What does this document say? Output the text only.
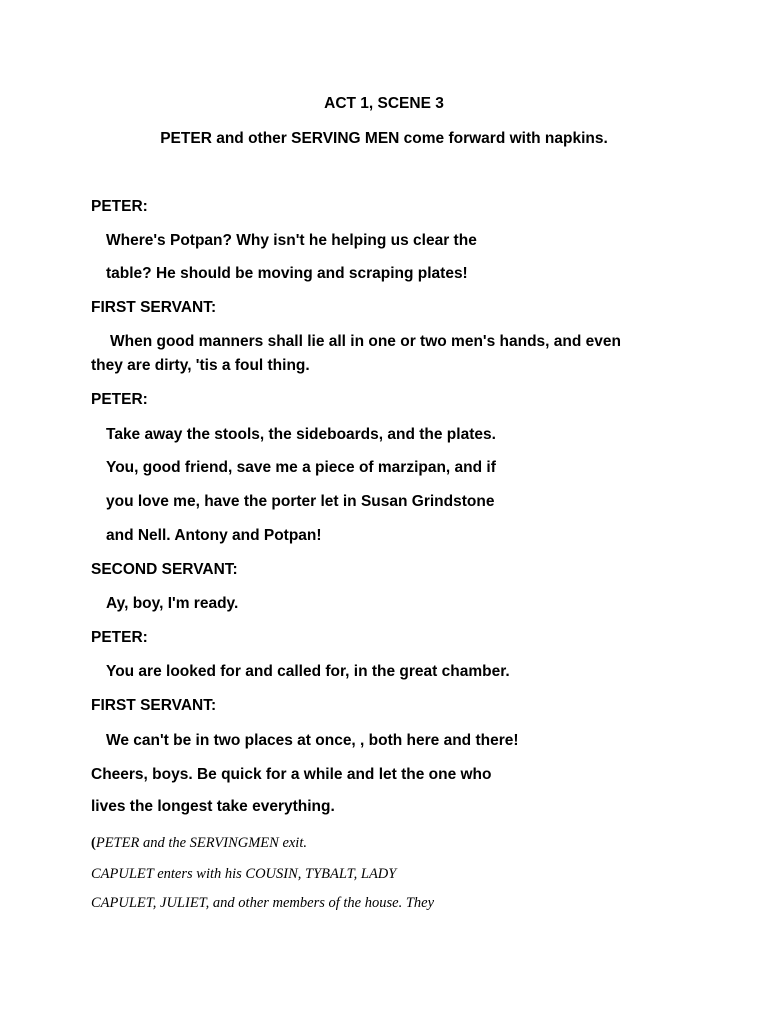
ACT 1, SCENE 3
PETER and other SERVING MEN come forward with napkins.
PETER:
Where's Potpan? Why isn't he helping us clear the
table? He should be moving and scraping plates!
FIRST SERVANT:
When good manners shall lie all in one or two men's hands, and even
they are dirty, 'tis a foul thing.
PETER:
Take away the stools, the sideboards, and the plates.
You, good friend, save me a piece of marzipan, and if
you love me, have the porter let in Susan Grindstone
and Nell. Antony and Potpan!
SECOND SERVANT:
Ay, boy, I'm ready.
PETER:
You are looked for and called for, in the great chamber.
FIRST SERVANT:
We can't be in two places at once, , both here and there!
Cheers, boys. Be quick for a while and let the one who
lives the longest take everything.
(PETER and the SERVINGMEN exit.
CAPULET enters with his COUSIN, TYBALT, LADY
CAPULET, JULIET, and other members of the house. They
